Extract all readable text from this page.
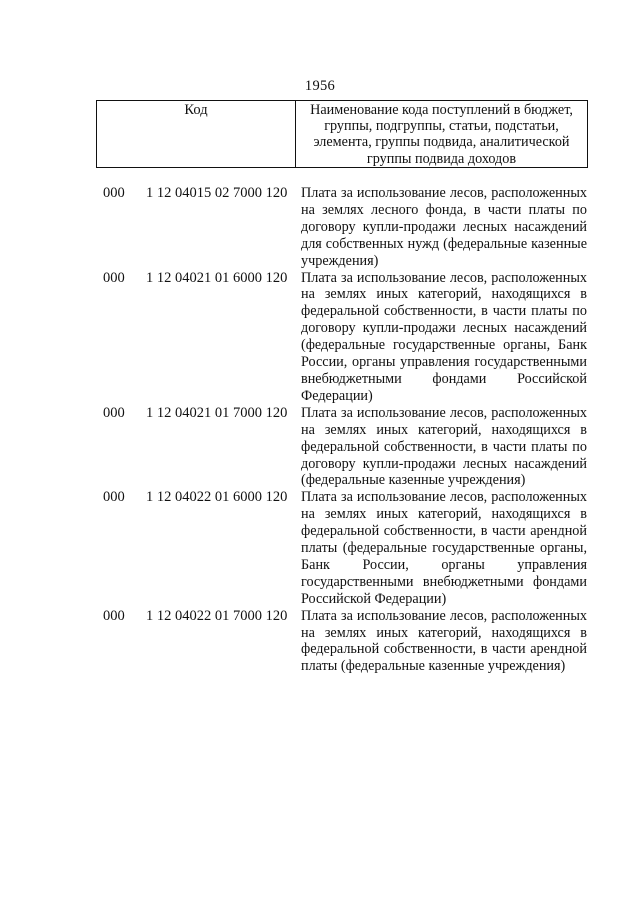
1956
Код	Наименование кода поступлений в бюджет, группы, подгруппы, статьи, подстатьи, элемента, группы подвида, аналитической группы подвида доходов
000 1 12 04015 02 7000 120 Плата за использование лесов, расположенных на землях лесного фонда, в части платы по договору купли-продажи лесных насаждений для собственных нужд (федеральные казенные учреждения)
000 1 12 04021 01 6000 120 Плата за использование лесов, расположенных на землях иных категорий, находящихся в федеральной собственности, в части платы по договору купли-продажи лесных насаждений (федеральные государственные органы, Банк России, органы управления государственными внебюджетными фондами Российской Федерации)
000 1 12 04021 01 7000 120 Плата за использование лесов, расположенных на землях иных категорий, находящихся в федеральной собственности, в части платы по договору купли-продажи лесных насаждений (федеральные казенные учреждения)
000 1 12 04022 01 6000 120 Плата за использование лесов, расположенных на землях иных категорий, находящихся в федеральной собственности, в части арендной платы (федеральные государственные органы, Банк России, органы управления государственными внебюджетными фондами Российской Федерации)
000 1 12 04022 01 7000 120 Плата за использование лесов, расположенных на землях иных категорий, находящихся в федеральной собственности, в части арендной платы (федеральные казенные учреждения)
